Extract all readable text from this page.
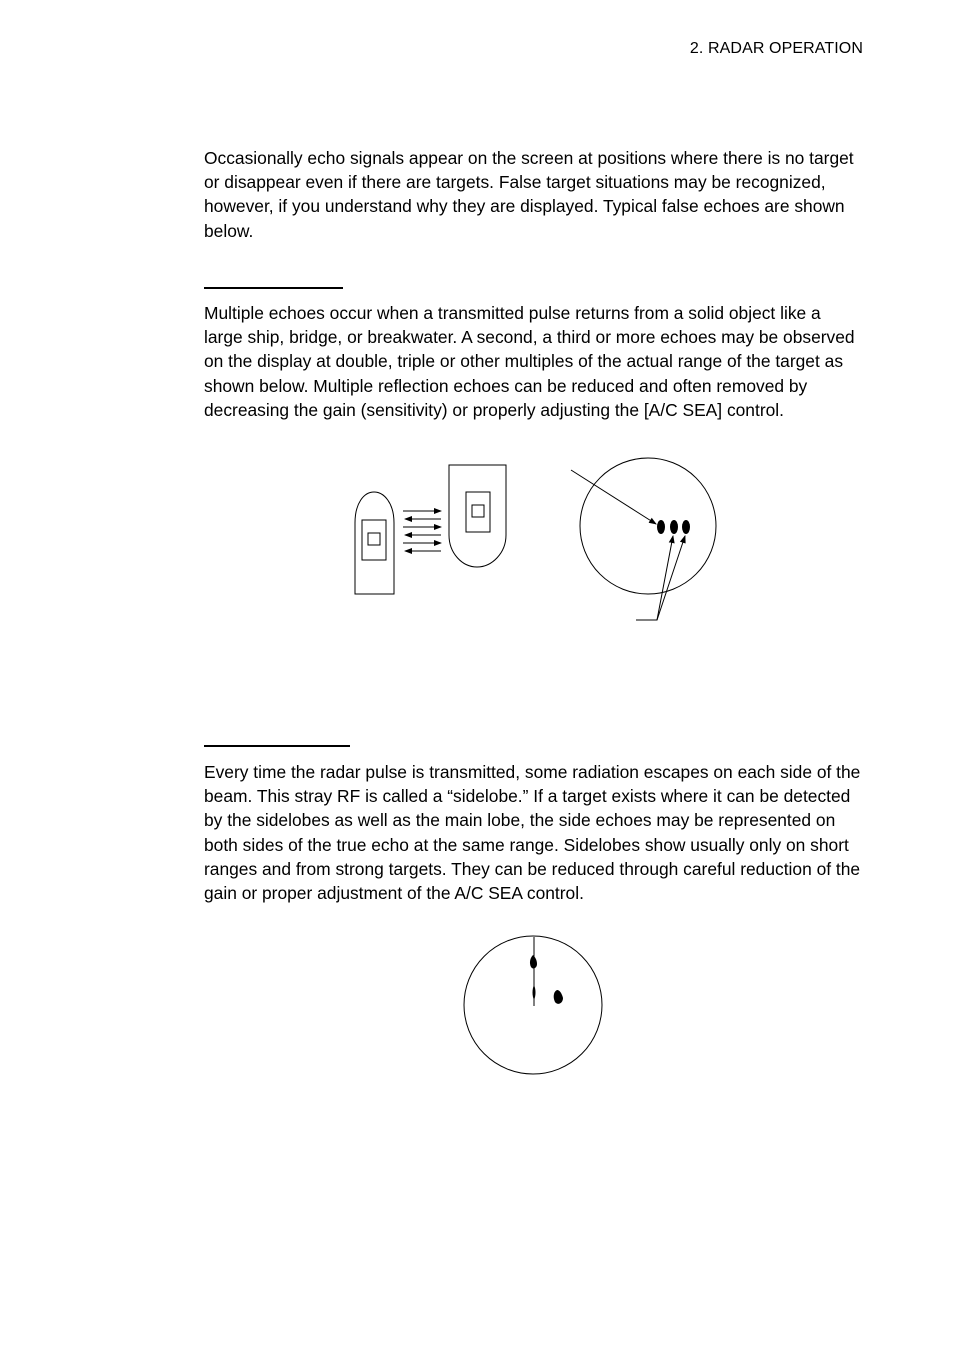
2. RADAR OPERATION

Occasionally echo signals appear on the screen at positions where there is no target or disappear even if there are targets. False target situations may be recognized, however, if you understand why they are displayed. Typical false echoes are shown below.

Multiple echoes occur when a transmitted pulse returns from a solid object like a large ship, bridge, or breakwater. A second, a third or more echoes may be observed on the display at double, triple or other multiples of the actual range of the target as shown below. Multiple reflection echoes can be reduced and often removed by decreasing the gain (sensitivity) or properly adjusting the [A/C SEA] control.

Every time the radar pulse is transmitted, some radiation escapes on each side of the beam. This stray RF is called a “sidelobe.” If a target exists where it can be detected by the sidelobes as well as the main lobe, the side echoes may be represented on both sides of the true echo at the same range. Sidelobes show usually only on short ranges and from strong targets. They can be reduced through careful reduction of the gain or proper adjustment of the A/C SEA control.
